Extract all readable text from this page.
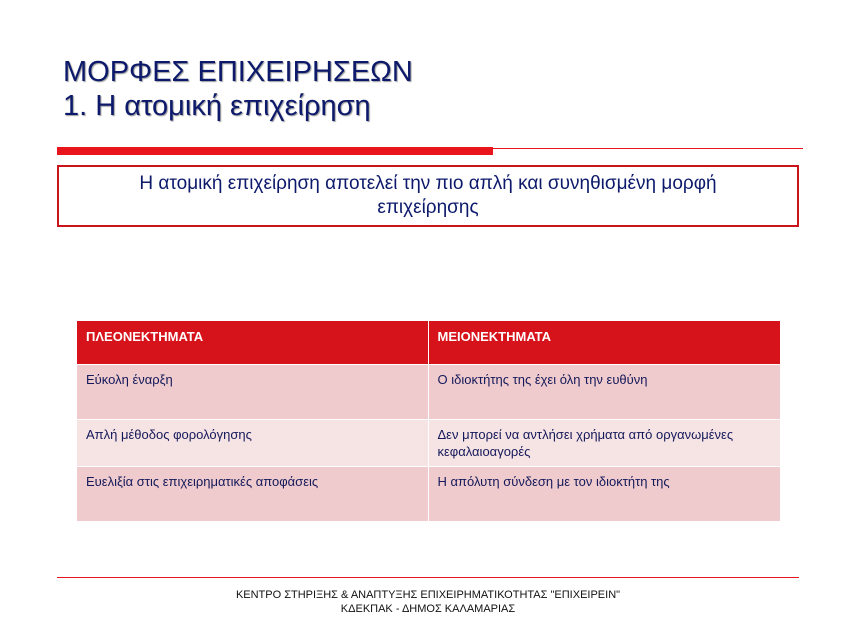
ΜΟΡΦΕΣ ΕΠΙΧΕΙΡΗΣΕΩΝ
1. Η ατομική επιχείρηση
Η ατομική επιχείρηση αποτελεί την πιο απλή και συνηθισμένη μορφή επιχείρησης
ΠΛΕΟΝΕΚΤΗΜΑΤΑ	ΜΕΙΟΝΕΚΤΗΜΑΤΑ
Εύκολη έναρξη	Ο ιδιοκτήτης της έχει όλη την ευθύνη
Απλή μέθοδος φορολόγησης	Δεν μπορεί να αντλήσει χρήματα από οργανωμένες κεφαλαιοαγορές
Ευελιξία στις επιχειρηματικές αποφάσεις	Η απόλυτη σύνδεση με τον ιδιοκτήτη της
ΚΕΝΤΡΟ ΣΤΗΡΙΞΗΣ & ΑΝΑΠΤΥΞΗΣ ΕΠΙΧΕΙΡΗΜΑΤΙΚΟΤΗΤΑΣ "ΕΠΙΧΕΙΡΕΙΝ"
ΚΔΕΚΠΑΚ - ΔΗΜΟΣ ΚΑΛΑΜΑΡΙΑΣ
